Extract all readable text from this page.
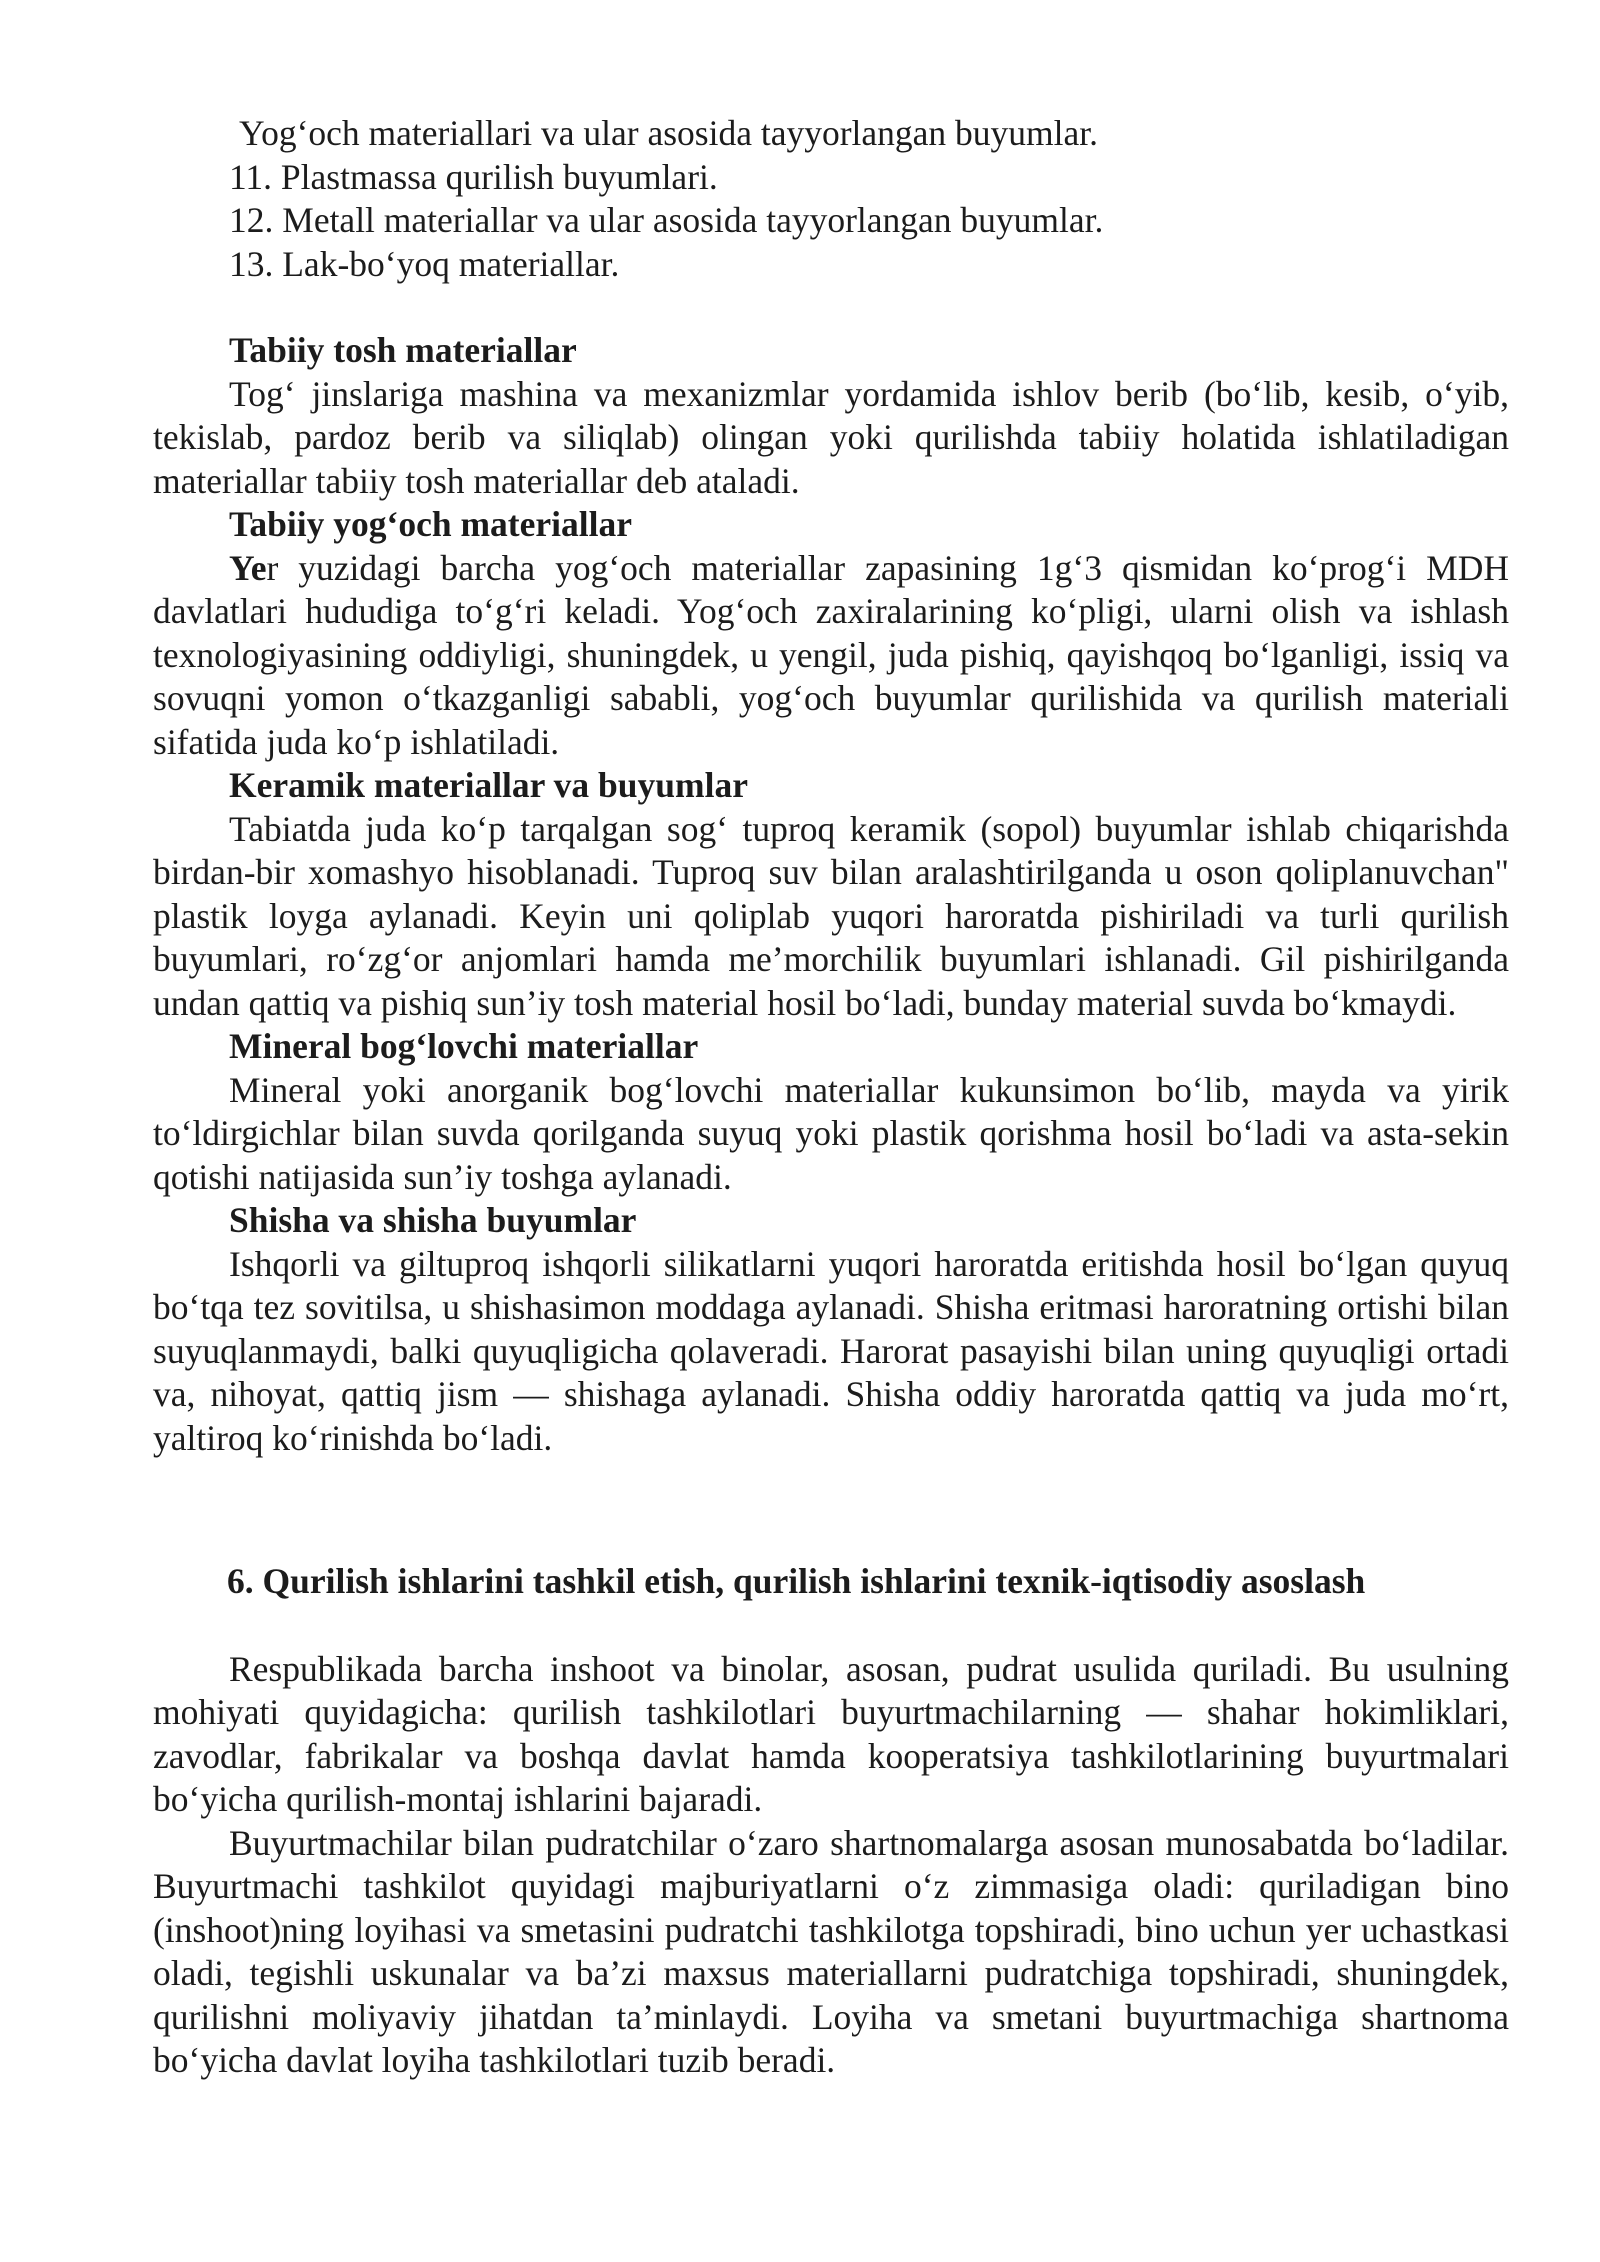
Yog‘och materiallari va ular asosida tayyorlangan buyumlar.
11. Plastmassa qurilish buyumlari.
12. Metall materiallar va ular asosida tayyorlangan buyumlar.
13. Lak-bo‘yoq materiallar.
Tabiiy tosh materiallar

Tog‘ jinslariga mashina va mexanizmlar yordamida ishlov berib (bo‘lib, kesib, o‘yib, tekislab, pardoz berib va siliqlab) olingan yoki qurilishda tabiiy holatida ishlatiladigan materiallar tabiiy tosh materiallar deb ataladi.

Tabiiy yog‘och materiallar

Yer yuzidagi barcha yog‘och materiallar zapasining 1g‘3 qismidan ko‘prog‘i MDH davlatlari hududiga to‘g‘ri keladi. Yog‘och zaxiralarining ko‘pligi, ularni olish va ishlash texnologiyasining oddiyligi, shuningdek, u yengil, juda pishiq, qayishqoq bo‘lganligi, issiq va sovuqni yomon o‘tkazganligi sababli, yog‘och buyumlar qurilishida va qurilish materiali sifatida juda ko‘p ishlatiladi.

Keramik materiallar va buyumlar

Tabiatda juda ko‘p tarqalgan sog‘ tuproq keramik (sopol) buyumlar ishlab chiqarishda birdan-bir xomashyo hisoblanadi. Tuproq suv bilan aralashtirilganda u oson qoliplanuvchan" plastik loyga aylanadi. Keyin uni qoliplab yuqori haroratda pishiriladi va turli qurilish buyumlari, ro‘zg‘or anjomlari hamda me’morchilik buyumlari ishlanadi. Gil pishirilganda undan qattiq va pishiq sun’iy tosh material hosil bo‘ladi, bunday material suvda bo‘kmaydi.

Mineral bog‘lovchi materiallar

Mineral yoki anorganik bog‘lovchi materiallar kukunsimon bo‘lib, mayda va yirik to‘ldirgichlar bilan suvda qorilganda suyuq yoki plastik qorishma hosil bo‘ladi va asta-sekin qotishi natijasida sun’iy toshga aylanadi.

Shisha va shisha buyumlar

Ishqorli va giltuproq ishqorli silikatlarni yuqori haroratda eritishda hosil bo‘lgan quyuq bo‘tqa tez sovitilsa, u shishasimon moddaga aylanadi. Shisha eritmasi haroratning ortishi bilan suyuqlanmaydi, balki quyuqligicha qolaveradi. Harorat pasayishi bilan uning quyuqligi ortadi va, nihoyat, qattiq jism — shishaga aylanadi. Shisha oddiy haroratda qattiq va juda mo‘rt, yaltiroq ko‘rinishda bo‘ladi.

6. Qurilish ishlarini tashkil etish, qurilish ishlarini texnik-iqtisodiy asoslash

Respublikada barcha inshoot va binolar, asosan, pudrat usulida quriladi. Bu usulning mohiyati quyidagicha: qurilish tashkilotlari buyurtmachilarning — shahar hokimliklari, zavodlar, fabrikalar va boshqa davlat hamda kooperatsiya tashkilotlarining buyurtmalari bo‘yicha qurilish-montaj ishlarini bajaradi.

Buyurtmachilar bilan pudratchilar o‘zaro shartnomalarga asosan munosabatda bo‘ladilar. Buyurtmachi tashkilot quyidagi majburiyatlarni o‘z zimmasiga oladi: quriladigan bino (inshoot)ning loyihasi va smetasini pudratchi tashkilotga topshiradi, bino uchun yer uchastkasi oladi, tegishli uskunalar va ba’zi maxsus materiallarni pudratchiga topshiradi, shuningdek, qurilishni moliyaviy jihatdan ta’minlaydi. Loyiha va smetani buyurtmachiga shartnoma bo‘yicha davlat loyiha tashkilotlari tuzib beradi.
